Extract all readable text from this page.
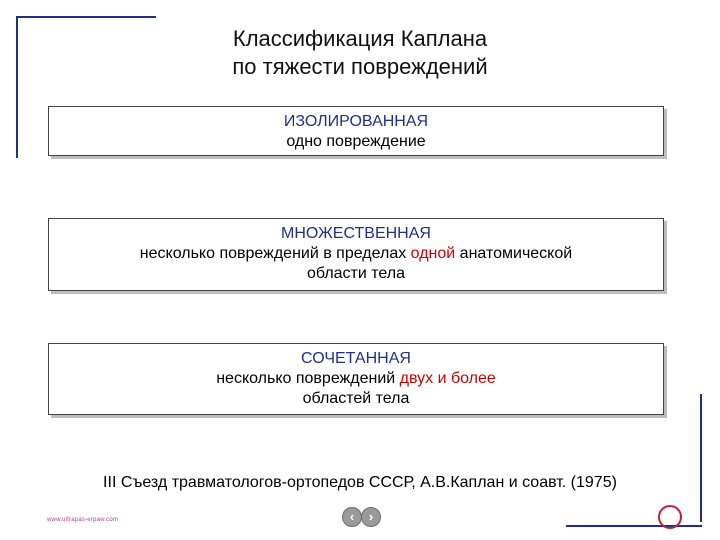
Классификация Каплана
по тяжести повреждений
ИЗОЛИРОВАННАЯ
одно повреждение
МНОЖЕСТВЕННАЯ
несколько повреждений в пределах одной анатомической
области тела
СОЧЕТАННАЯ
несколько повреждений двух и более
областей тела
III Съезд травматологов-ортопедов СССР, А.В.Каплан и соавт. (1975)
www.ultrapas-erpaw.com	‹	›
